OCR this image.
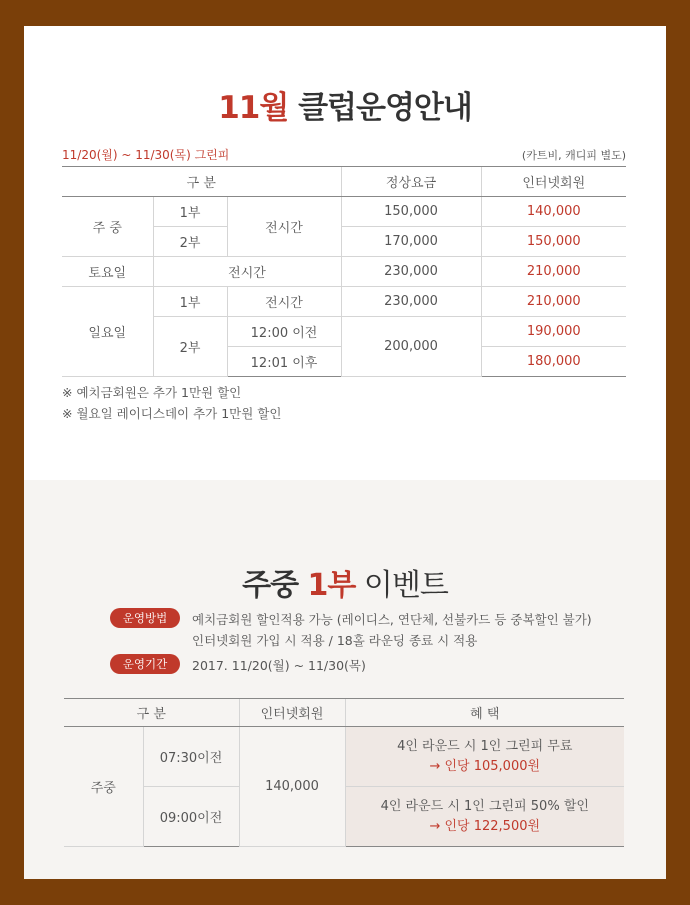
11월 클럽운영안내
11/20(월) ~ 11/30(목) 그린피	(카트비, 캐디피 별도)
구 분			정상요금	인터넷회원
주 중	1부	전시간	150,000	140,000
	2부		170,000	150,000
토요일	전시간		230,000	210,000
일요일	1부	전시간	230,000	210,000
	2부	12:00 이전	200,000	190,000
		12:01 이후		180,000
※ 예치금회원은 추가 1만원 할인
※ 월요일 레이디스데이 추가 1만원 할인
주중 1부 이벤트
운영방법 예치금회원 할인적용 가능 (레이디스, 연단체, 선불카드 등 중복할인 불가)
인터넷회원 가입 시 적용 / 18홀 라운딩 종료 시 적용
운영기간 2017. 11/20(월) ~ 11/30(목)
구 분		인터넷회원	혜 택
주중	07:30이전	140,000	4인 라운드 시 1인 그린피 무료
→ 인당 105,000원

	09:00이전		4인 라운드 시 1인 그린피 50% 할인
→ 인당 122,500원
